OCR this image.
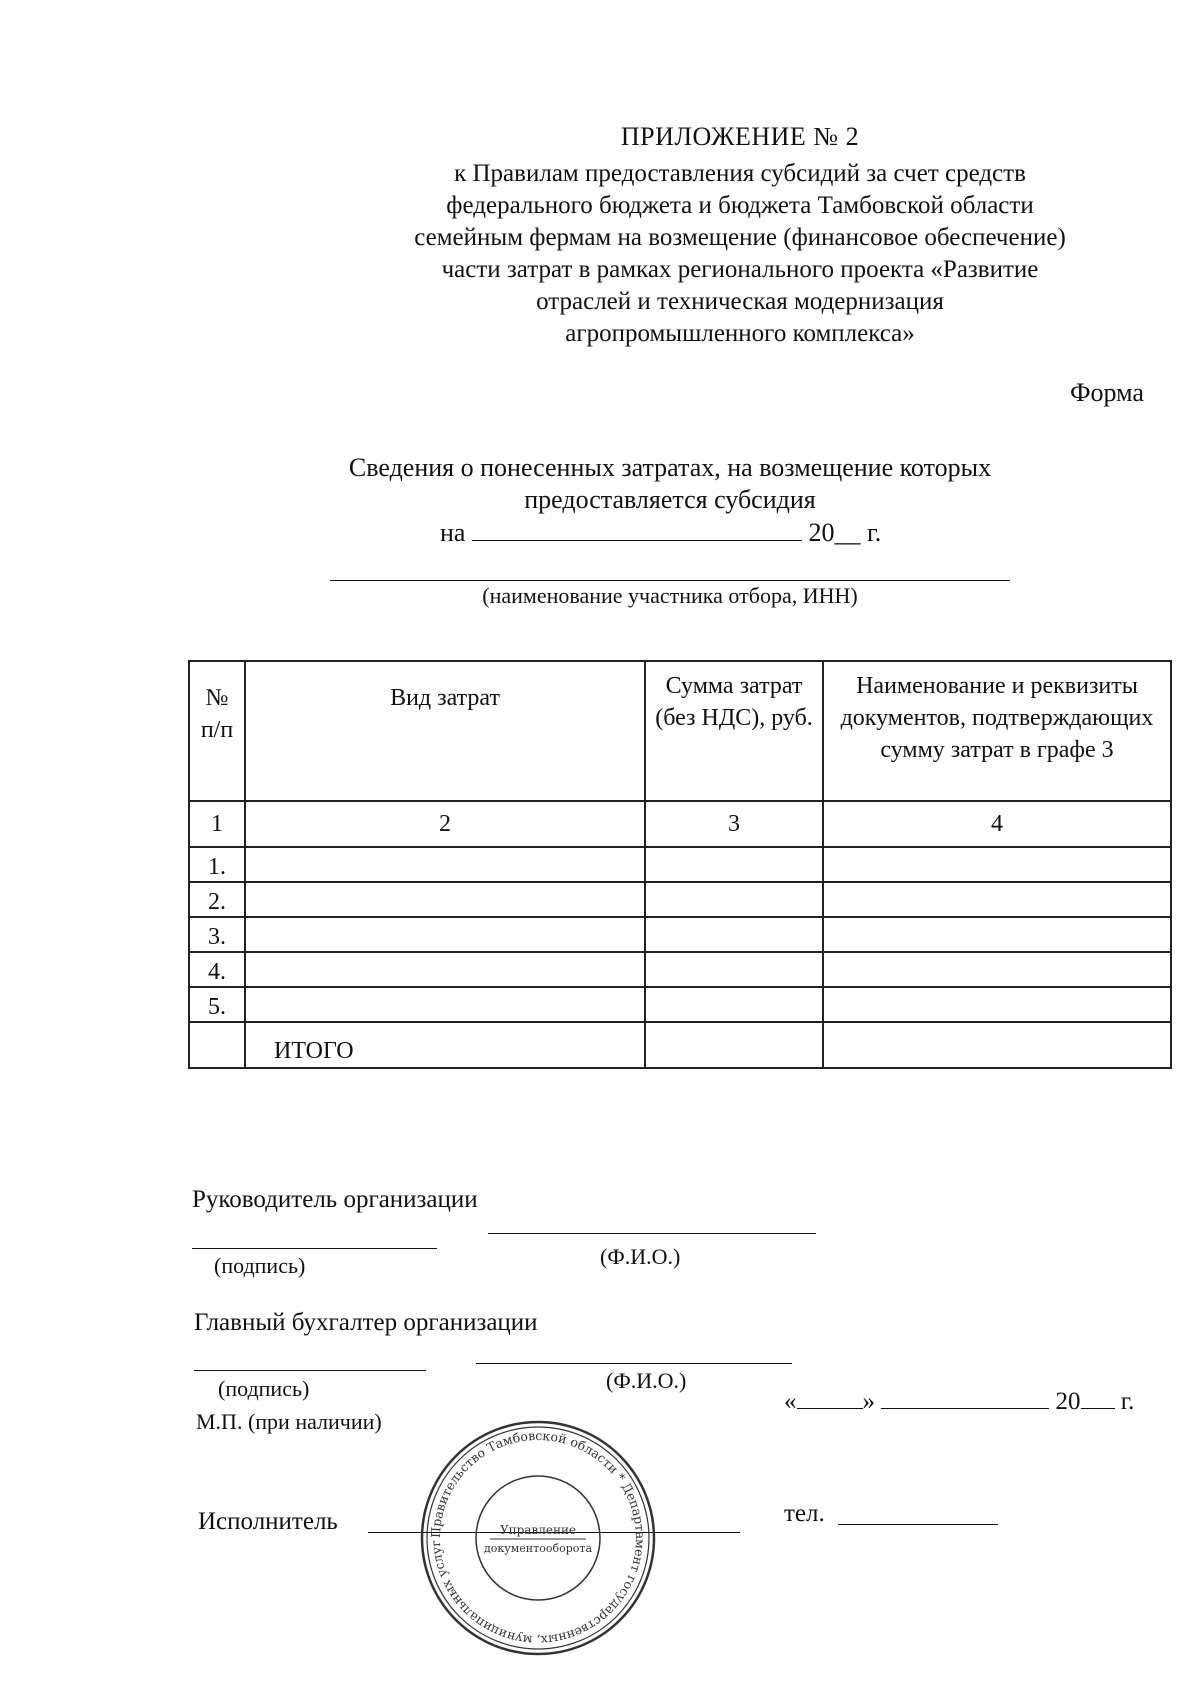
ПРИЛОЖЕНИЕ № 2
к Правилам предоставления субсидий за счет средств
федерального бюджета и бюджета Тамбовской области
семейным фермам на возмещение (финансовое обеспечение)
части затрат в рамках регионального проекта «Развитие
отраслей и техническая модернизация
агропромышленного комплекса»
Форма
Сведения о понесенных затратах, на возмещение которых
предоставляется субсидия
на	20__ г.
(наименование участника отбора, ИНН)
№ п/п	Вид затрат	Сумма затрат (без НДС), руб.	Наименование и реквизиты документов, подтверждающих сумму затрат в графе 3
1	2	3	4
1.			
2.			
3.			
4.			
5.			
	ИТОГО		
Руководитель организации
(подпись)	(Ф.И.О.)
Главный бухгалтер организации
(подпись)	(Ф.И.О.)
М.П. (при наличии)
«	»	20 г.
Исполнитель	тел.
Правительство Тамбовской области * Департамент государственных, муниципальных услуг
Управление
документооборота
